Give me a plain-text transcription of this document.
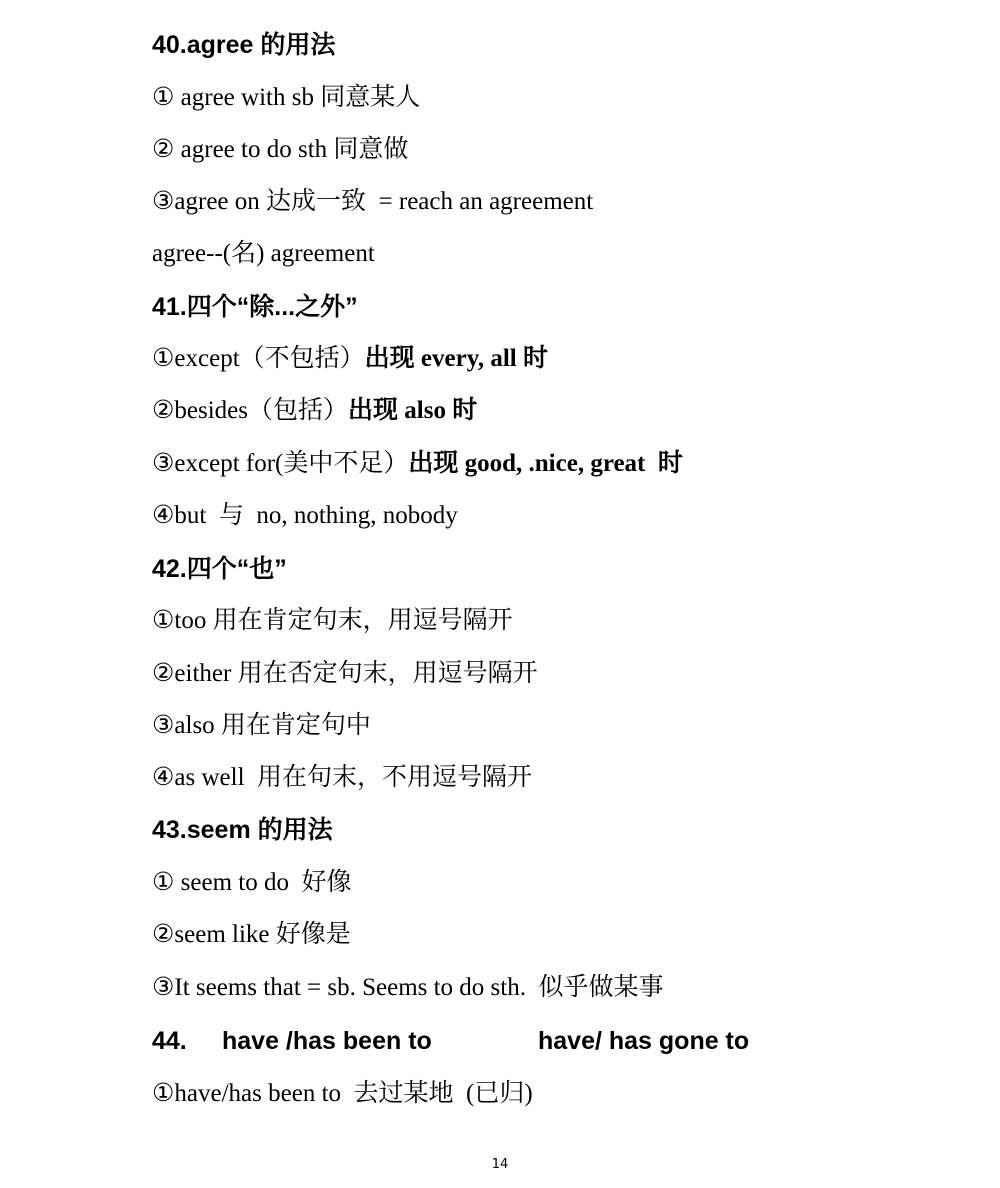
40.agree 的用法
① agree with sb 同意某人
② agree to do sth 同意做
③agree on 达成一致  = reach an agreement
agree--(名) agreement
41.四个“除...之外”
①except（不包括）出现 every, all 时
②besides（包括）出现 also 时
③except for(美中不足）出现 good, .nice, great  时
④but  与  no, nothing, nobody
42.四个“也”
①too 用在肯定句末，用逗号隔开
②either 用在否定句末，用逗号隔开
③also 用在肯定句中
④as well  用在句末，不用逗号隔开
43.seem 的用法
① seem to do  好像
②seem like 好像是
③It seems that = sb. Seems to do sth.  似乎做某事
44. have /has been to	have/ has gone to
①have/has been to  去过某地  (已归)
14
